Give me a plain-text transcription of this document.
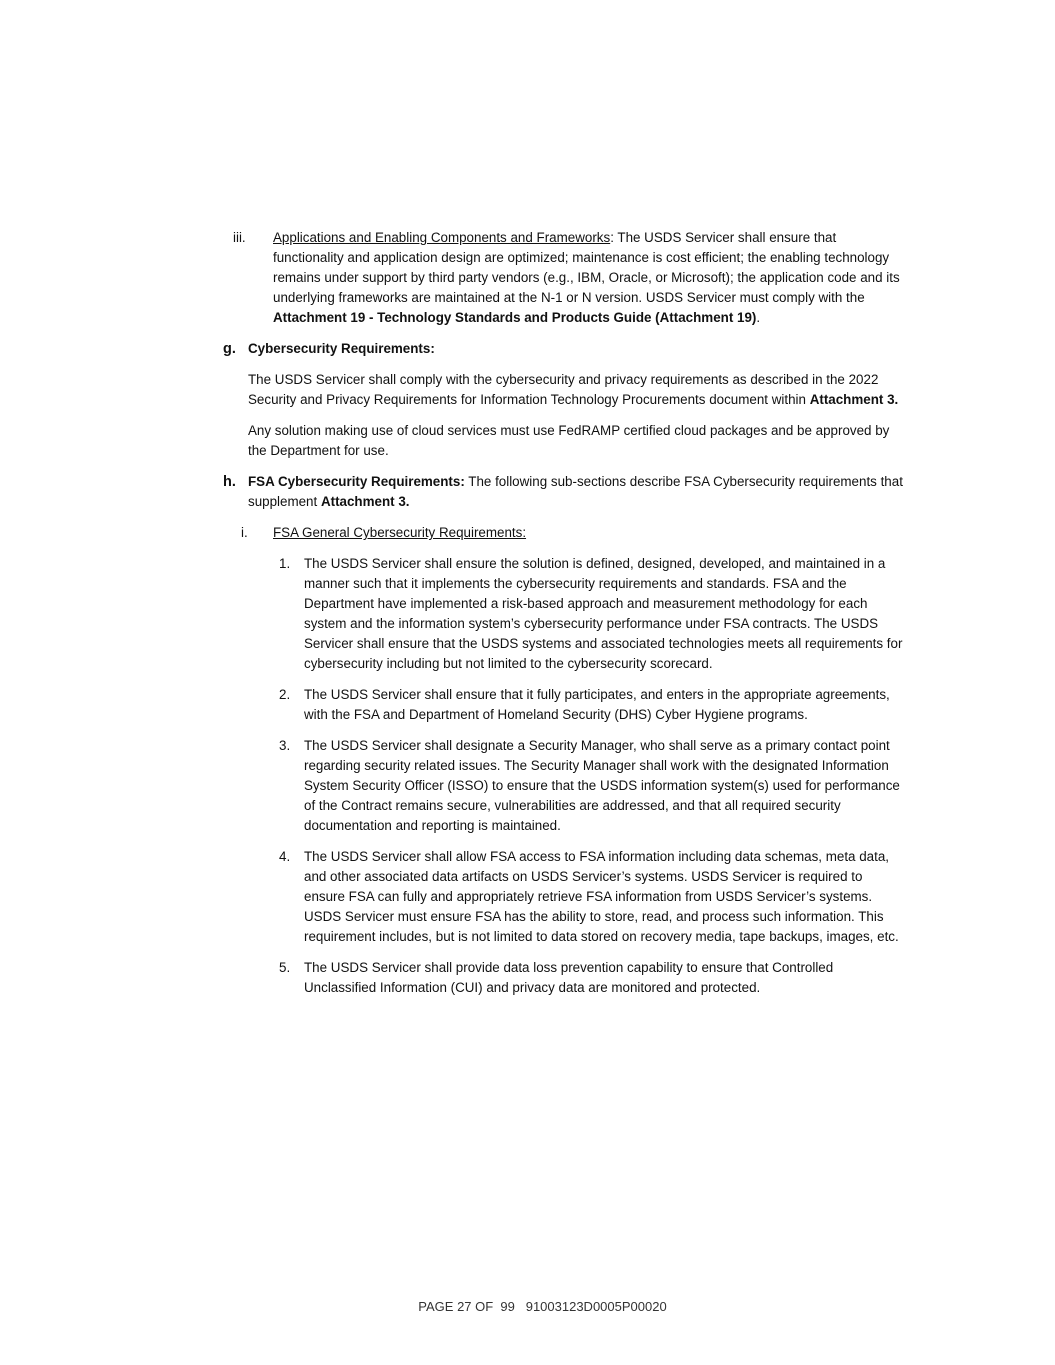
iii. Applications and Enabling Components and Frameworks: The USDS Servicer shall ensure that functionality and application design are optimized; maintenance is cost efficient; the enabling technology remains under support by third party vendors (e.g., IBM, Oracle, or Microsoft); the application code and its underlying frameworks are maintained at the N-1 or N version. USDS Servicer must comply with the Attachment 19 - Technology Standards and Products Guide (Attachment 19).
g. Cybersecurity Requirements:
The USDS Servicer shall comply with the cybersecurity and privacy requirements as described in the 2022 Security and Privacy Requirements for Information Technology Procurements document within Attachment 3.
Any solution making use of cloud services must use FedRAMP certified cloud packages and be approved by the Department for use.
h. FSA Cybersecurity Requirements: The following sub-sections describe FSA Cybersecurity requirements that supplement Attachment 3.
i. FSA General Cybersecurity Requirements:
1. The USDS Servicer shall ensure the solution is defined, designed, developed, and maintained in a manner such that it implements the cybersecurity requirements and standards. FSA and the Department have implemented a risk-based approach and measurement methodology for each system and the information system’s cybersecurity performance under FSA contracts. The USDS Servicer shall ensure that the USDS systems and associated technologies meets all requirements for cybersecurity including but not limited to the cybersecurity scorecard.
2. The USDS Servicer shall ensure that it fully participates, and enters in the appropriate agreements, with the FSA and Department of Homeland Security (DHS) Cyber Hygiene programs.
3. The USDS Servicer shall designate a Security Manager, who shall serve as a primary contact point regarding security related issues. The Security Manager shall work with the designated Information System Security Officer (ISSO) to ensure that the USDS information system(s) used for performance of the Contract remains secure, vulnerabilities are addressed, and that all required security documentation and reporting is maintained.
4. The USDS Servicer shall allow FSA access to FSA information including data schemas, meta data, and other associated data artifacts on USDS Servicer’s systems. USDS Servicer is required to ensure FSA can fully and appropriately retrieve FSA information from USDS Servicer’s systems. USDS Servicer must ensure FSA has the ability to store, read, and process such information. This requirement includes, but is not limited to data stored on recovery media, tape backups, images, etc.
5. The USDS Servicer shall provide data loss prevention capability to ensure that Controlled Unclassified Information (CUI) and privacy data are monitored and protected.
PAGE 27 OF  99   91003123D0005P00020
